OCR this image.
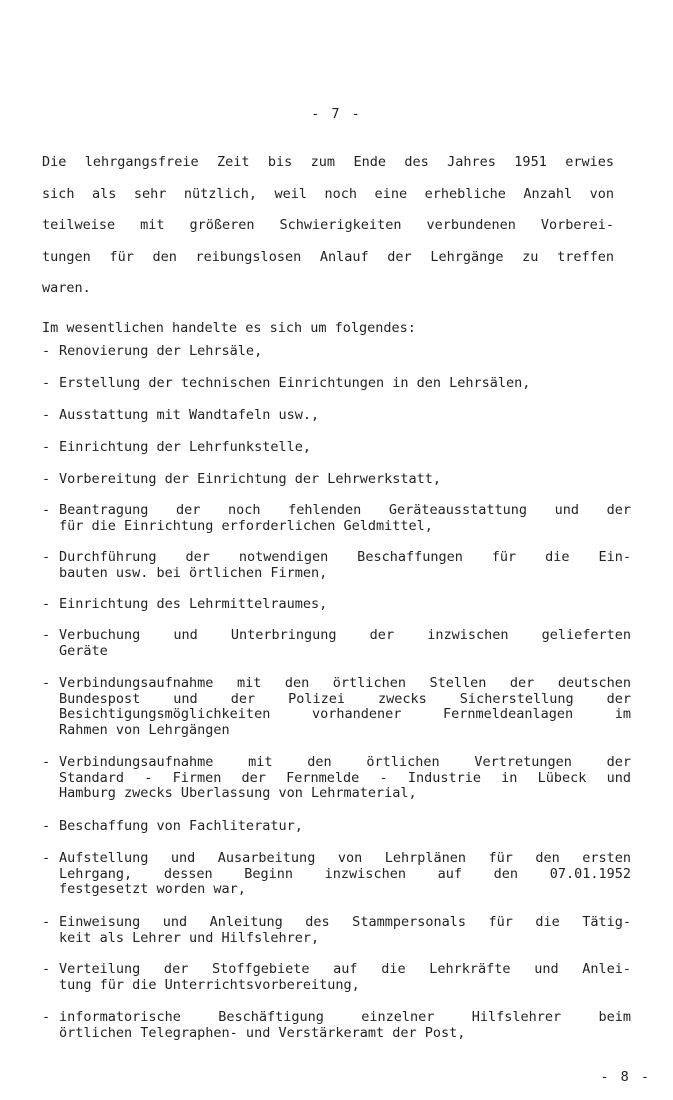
- 7 -
Die lehrgangsfreie Zeit bis zum Ende des Jahres 1951 erwies
sich als sehr nützlich, weil noch eine erhebliche Anzahl von
teilweise mit größeren Schwierigkeiten verbundenen Vorberei-
tungen für den reibungslosen Anlauf der Lehrgänge zu treffen
waren.
Im wesentlichen handelte es sich um folgendes:
- Renovierung der Lehrsäle,
- Erstellung der technischen Einrichtungen in den Lehrsälen,
- Ausstattung mit Wandtafeln usw.,
- Einrichtung der Lehrfunkstelle,
- Vorbereitung der Einrichtung der Lehrwerkstatt,
- Beantragung der noch fehlenden Geräteausstattung und der
für die Einrichtung erforderlichen Geldmittel,
- Durchführung der notwendigen Beschaffungen für die Ein-
bauten usw. bei örtlichen Firmen,
- Einrichtung des Lehrmittelraumes,
- Verbuchung und Unterbringung der inzwischen gelieferten
Geräte
- Verbindungsaufnahme mit den örtlichen Stellen der deutschen
Bundespost und der Polizei zwecks Sicherstellung der
Besichtigungsmöglichkeiten vorhandener Fernmeldeanlagen im
Rahmen von Lehrgängen
- Verbindungsaufnahme mit den örtlichen Vertretungen der
Standard - Firmen der Fernmelde - Industrie in Lübeck und
Hamburg zwecks Überlassung von Lehrmaterial,
- Beschaffung von Fachliteratur,
- Aufstellung und Ausarbeitung von Lehrplänen für den ersten
Lehrgang, dessen Beginn inzwischen auf den 07.01.1952
festgesetzt worden war,
- Einweisung und Anleitung des Stammpersonals für die Tätig-
keit als Lehrer und Hilfslehrer,
- Verteilung der Stoffgebiete auf die Lehrkräfte und Anlei-
tung für die Unterrichtsvorbereitung,
- informatorische Beschäftigung einzelner Hilfslehrer beim
örtlichen Telegraphen- und Verstärkeramt der Post,
- 8 -
